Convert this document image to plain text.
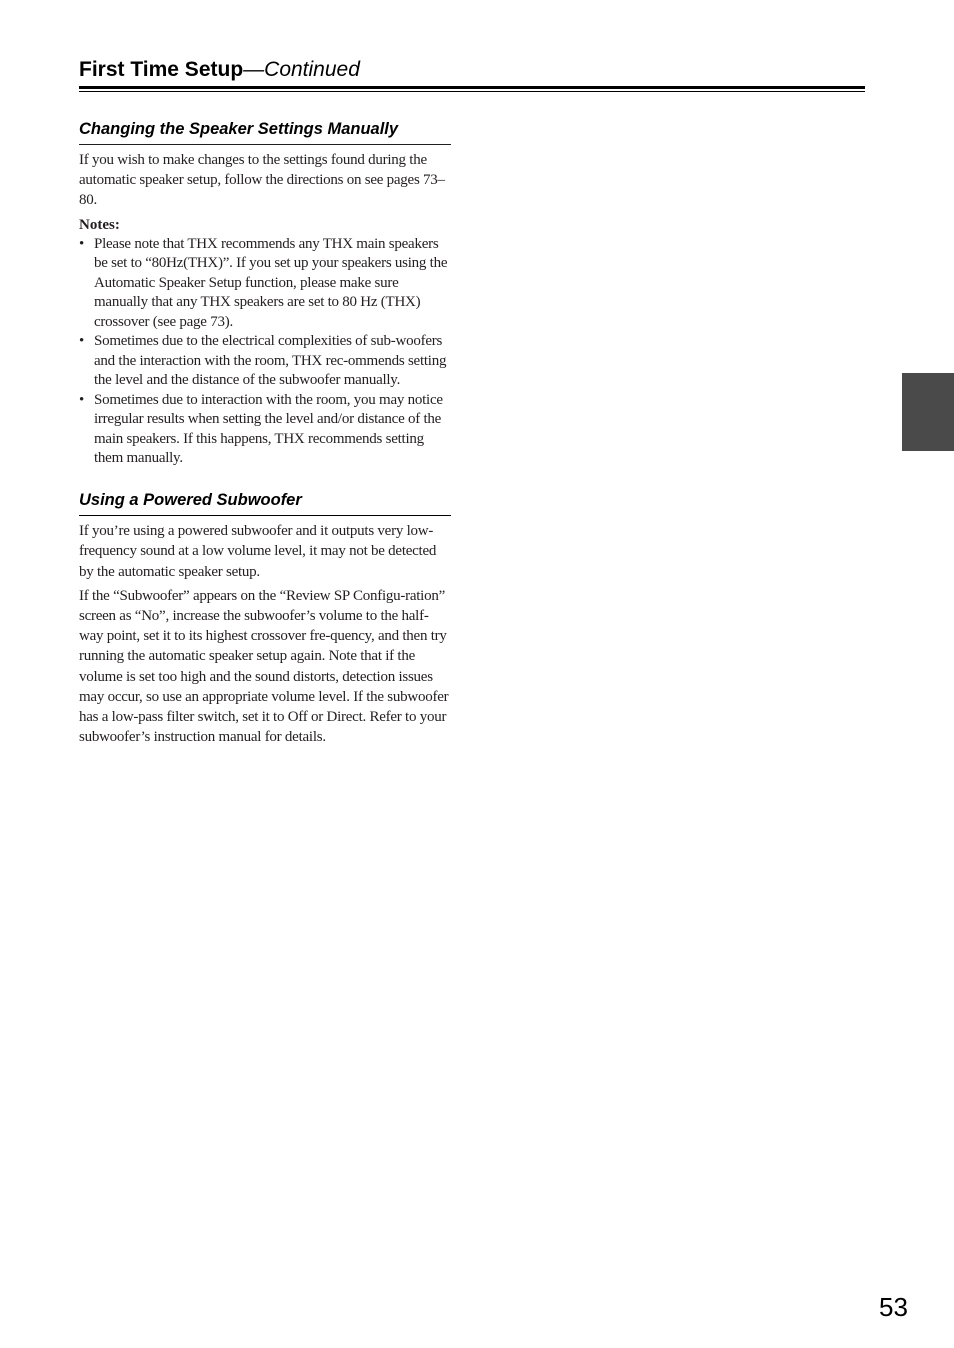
First Time Setup—Continued
Changing the Speaker Settings Manually

If you wish to make changes to the settings found during the automatic speaker setup, follow the directions on see pages 73–80.

Notes:

• Please note that THX recommends any THX main speakers be set to “80Hz(THX)”. If you set up your speakers using the Automatic Speaker Setup function, please make sure manually that any THX speakers are set to 80 Hz (THX) crossover (see page 73).
• Sometimes due to the electrical complexities of sub-woofers and the interaction with the room, THX rec-ommends setting the level and the distance of the subwoofer manually.
• Sometimes due to interaction with the room, you may notice irregular results when setting the level and/or distance of the main speakers. If this happens, THX recommends setting them manually.
Using a Powered Subwoofer

If you’re using a powered subwoofer and it outputs very low-frequency sound at a low volume level, it may not be detected by the automatic speaker setup.

If the “Subwoofer” appears on the “Review SP Configu-ration” screen as “No”, increase the subwoofer’s volume to the half-way point, set it to its highest crossover fre-quency, and then try running the automatic speaker setup again. Note that if the volume is set too high and the sound distorts, detection issues may occur, so use an appropriate volume level. If the subwoofer has a low-pass filter switch, set it to Off or Direct. Refer to your subwoofer’s instruction manual for details.

53
